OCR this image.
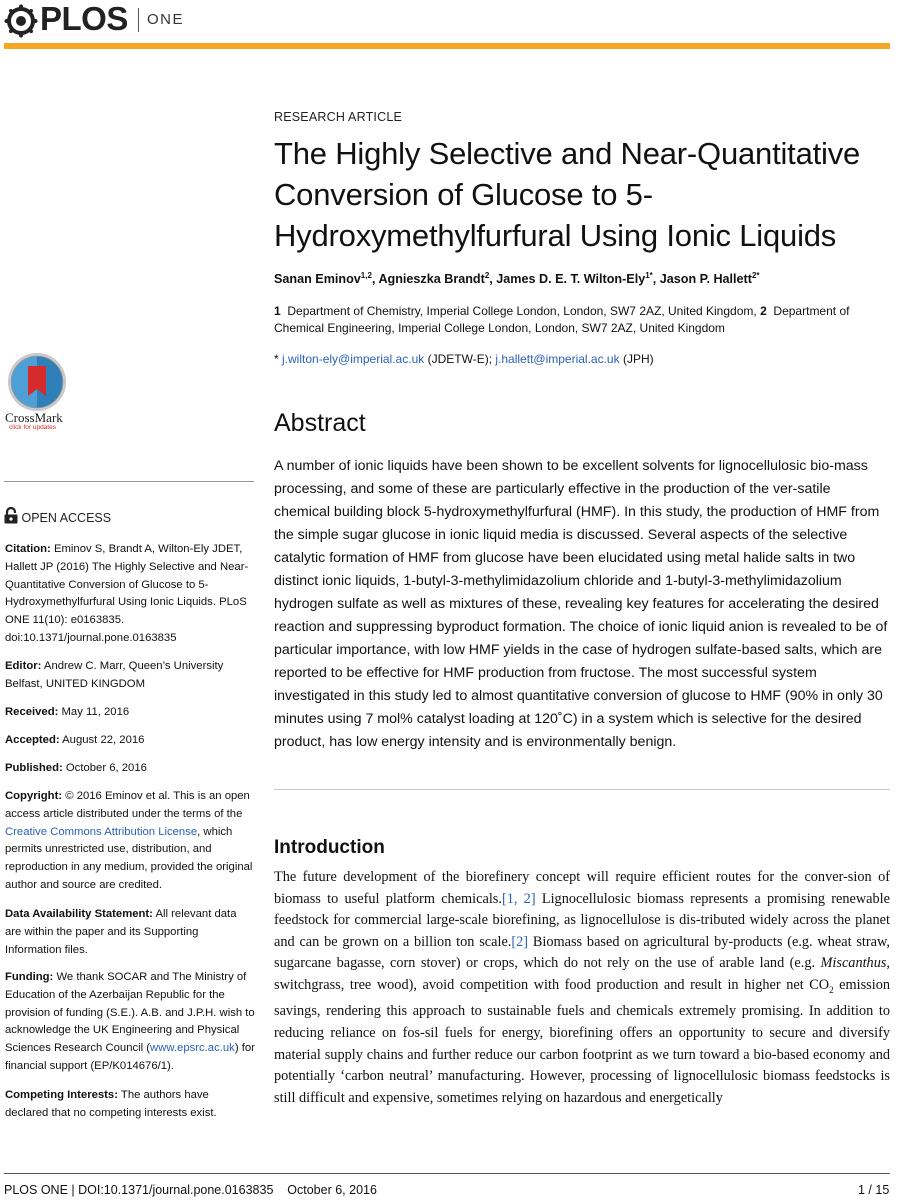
PLOS ONE
RESEARCH ARTICLE
The Highly Selective and Near-Quantitative Conversion of Glucose to 5-Hydroxymethylfurfural Using Ionic Liquids
Sanan Eminov$^{1,2}$, Agnieszka Brandt$^2$, James D. E. T. Wilton-Ely$^{1*}$, Jason P. Hallett$^{2*}$
1 Department of Chemistry, Imperial College London, London, SW7 2AZ, United Kingdom, 2 Department of Chemical Engineering, Imperial College London, London, SW7 2AZ, United Kingdom
* j.wilton-ely@imperial.ac.uk (JDETW-E); j.hallett@imperial.ac.uk (JPH)
Abstract
A number of ionic liquids have been shown to be excellent solvents for lignocellulosic bio-mass processing, and some of these are particularly effective in the production of the ver-satile chemical building block 5-hydroxymethylfurfural (HMF). In this study, the production of HMF from the simple sugar glucose in ionic liquid media is discussed. Several aspects of the selective catalytic formation of HMF from glucose have been elucidated using metal halide salts in two distinct ionic liquids, 1-butyl-3-methylimidazolium chloride and 1-butyl-3-methylimidazolium hydrogen sulfate as well as mixtures of these, revealing key features for accelerating the desired reaction and suppressing byproduct formation. The choice of ionic liquid anion is revealed to be of particular importance, with low HMF yields in the case of hydrogen sulfate-based salts, which are reported to be effective for HMF production from fructose. The most successful system investigated in this study led to almost quantitative conversion of glucose to HMF (90% in only 30 minutes using 7 mol% catalyst loading at 120˚C) in a system which is selective for the desired product, has low energy intensity and is environmentally benign.
Introduction
The future development of the biorefinery concept will require efficient routes for the conver-sion of biomass to useful platform chemicals.[1, 2] Lignocellulosic biomass represents a promising renewable feedstock for commercial large-scale biorefining, as lignocellulose is dis-tributed widely across the planet and can be grown on a billion ton scale.[2] Biomass based on agricultural by-products (e.g. wheat straw, sugarcane bagasse, corn stover) or crops, which do not rely on the use of arable land (e.g. Miscanthus, switchgrass, tree wood), avoid competition with food production and result in higher net $CO_2$ emission savings, rendering this approach to sustainable fuels and chemicals extremely promising. In addition to reducing reliance on fos-sil fuels for energy, biorefining offers an opportunity to secure and diversify material supply chains and further reduce our carbon footprint as we turn toward a bio-based economy and potentially ‘carbon neutral’ manufacturing. However, processing of lignocellulosic biomass feedstocks is still difficult and expensive, sometimes relying on hazardous and energetically
CrossMark
click for updates
OPEN ACCESS
Citation: Eminov S, Brandt A, Wilton-Ely JDET, Hallett JP (2016) The Highly Selective and Near-Quantitative Conversion of Glucose to 5-Hydroxymethylfurfural Using Ionic Liquids. PLoS ONE 11(10): e0163835. doi:10.1371/journal.pone.0163835
Editor: Andrew C. Marr, Queen’s University Belfast, UNITED KINGDOM
Received: May 11, 2016
Accepted: August 22, 2016
Published: October 6, 2016
Copyright: © 2016 Eminov et al. This is an open access article distributed under the terms of the Creative Commons Attribution License, which permits unrestricted use, distribution, and reproduction in any medium, provided the original author and source are credited.
Data Availability Statement: All relevant data are within the paper and its Supporting Information files.
Funding: We thank SOCAR and The Ministry of Education of the Azerbaijan Republic for the provision of funding (S.E.). A.B. and J.P.H. wish to acknowledge the UK Engineering and Physical Sciences Research Council (www.epsrc.ac.uk) for financial support (EP/K014676/1).
Competing Interests: The authors have declared that no competing interests exist.
PLOS ONE | DOI:10.1371/journal.pone.0163835    October 6, 2016	1 / 15
